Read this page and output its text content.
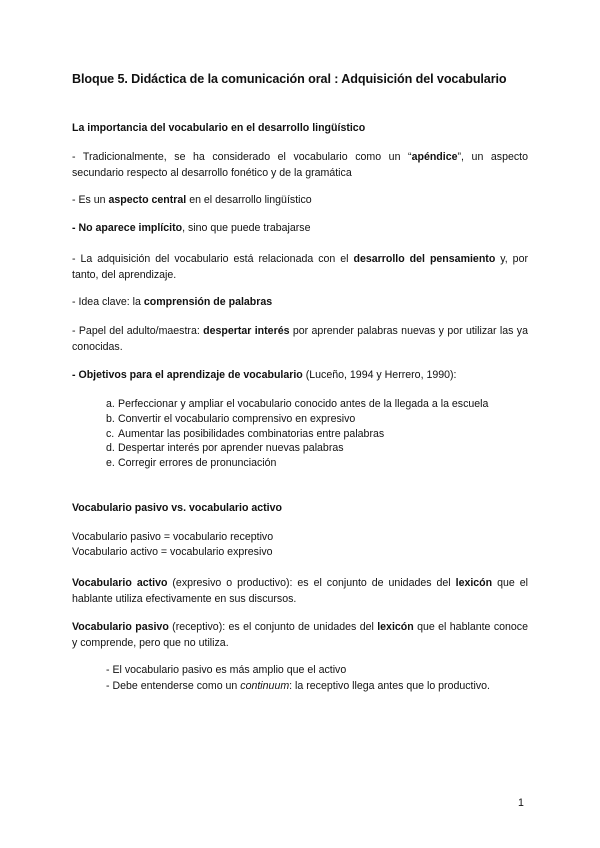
Bloque 5. Didáctica de la comunicación oral : Adquisición del vocabulario
La importancia del vocabulario en el desarrollo lingüístico
- Tradicionalmente, se ha considerado el vocabulario como un “apéndice”, un aspecto secundario respecto al desarrollo fonético y de la gramática
- Es un aspecto central en el desarrollo lingüístico
- No aparece implícito, sino que puede trabajarse
- La adquisición del vocabulario está relacionada con el desarrollo del pensamiento y, por tanto, del aprendizaje.
- Idea clave: la comprensión de palabras
- Papel del adulto/maestra: despertar interés por aprender palabras nuevas y por utilizar las ya conocidas.
- Objetivos para el aprendizaje de vocabulario (Luceño, 1994 y Herrero, 1990):
a. Perfeccionar y ampliar el vocabulario conocido antes de la llegada a la escuela
b. Convertir el vocabulario comprensivo en expresivo
c. Aumentar las posibilidades combinatorias entre palabras
d. Despertar interés por aprender nuevas palabras
e. Corregir errores de pronunciación
Vocabulario pasivo vs. vocabulario activo
Vocabulario pasivo = vocabulario receptivo
Vocabulario activo = vocabulario expresivo
Vocabulario activo (expresivo o productivo): es el conjunto de unidades del lexicón que el hablante utiliza efectivamente en sus discursos.
Vocabulario pasivo (receptivo): es el conjunto de unidades del lexicón que el hablante conoce y comprende, pero que no utiliza.
- El vocabulario pasivo es más amplio que el activo
- Debe entenderse como un continuum: la receptivo llega antes que lo productivo.
1
